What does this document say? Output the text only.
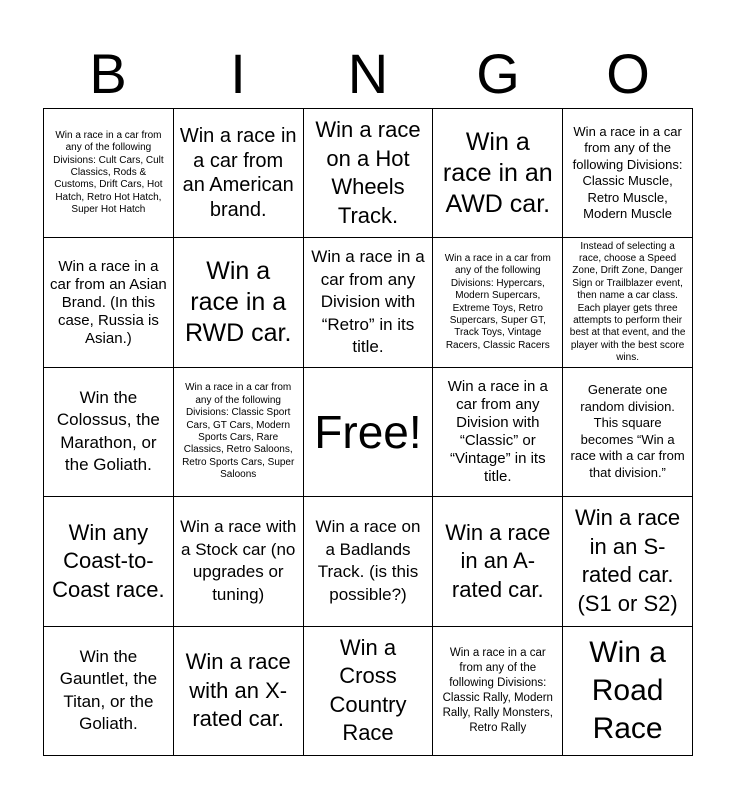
B	I	N	G	O
Win a race in a car from any of the following Divisions: Cult Cars, Cult Classics, Rods & Customs, Drift Cars, Hot Hatch, Retro Hot Hatch, Super Hot Hatch
Win a race in a car from an American brand.
Win a race on a Hot Wheels Track.
Win a race in an AWD car.
Win a race in a car from any of the following Divisions: Classic Muscle, Retro Muscle, Modern Muscle
Win a race in a car from an Asian Brand. (In this case, Russia is Asian.)
Win a race in a RWD car.
Win a race in a car from any Division with “Retro” in its title.
Win a race in a car from any of the following Divisions: Hypercars, Modern Supercars, Extreme Toys, Retro Supercars, Super GT, Track Toys, Vintage Racers, Classic Racers
Instead of selecting a race, choose a Speed Zone, Drift Zone, Danger Sign or Trailblazer event, then name a car class. Each player gets three attempts to perform their best at that event, and the player with the best score wins.
Win the Colossus, the Marathon, or the Goliath.
Win a race in a car from any of the following Divisions: Classic Sport Cars, GT Cars, Modern Sports Cars, Rare Classics, Retro Saloons, Retro Sports Cars, Super Saloons
Free!
Win a race in a car from any Division with “Classic” or “Vintage” in its title.
Generate one random division. This square becomes “Win a race with a car from that division.”
Win any Coast-to-Coast race.
Win a race with a Stock car (no upgrades or tuning)
Win a race on a Badlands Track. (is this possible?)
Win a race in an A-rated car.
Win a race in an S-rated car. (S1 or S2)
Win the Gauntlet, the Titan, or the Goliath.
Win a race with an X-rated car.
Win a Cross Country Race
Win a race in a car from any of the following Divisions: Classic Rally, Modern Rally, Rally Monsters, Retro Rally
Win a Road Race
